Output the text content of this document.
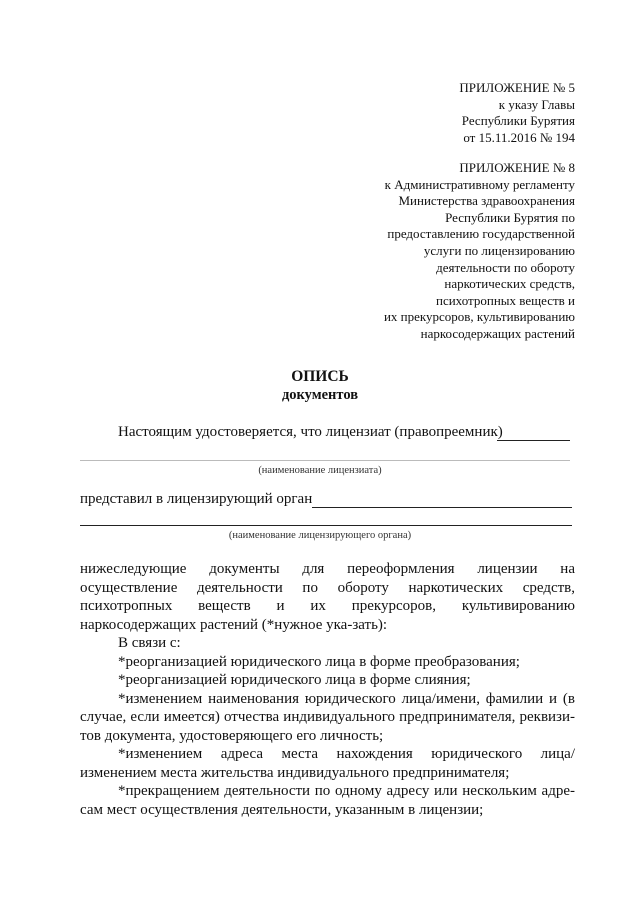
ПРИЛОЖЕНИЕ № 5
к указу Главы
Республики Бурятия
от 15.11.2016 № 194
ПРИЛОЖЕНИЕ № 8
к Административному регламенту
Министерства здравоохранения
Республики Бурятия по
предоставлению государственной
услуги по лицензированию
деятельности по обороту
наркотических средств,
психотропных веществ и
их прекурсоров, культивированию
наркосодержащих растений
ОПИСЬ
документов
Настоящим удостоверяется, что лицензиат (правопреемник)
(наименование лицензиата)
представил в лицензирующий орган
(наименование лицензирующего органа)

нижеследующие документы для переоформления лицензии на осуществление деятельности по обороту наркотических средств, психотропных веществ и их прекурсоров, культивированию наркосодержащих растений (*нужное ука-зать):

В связи с:

*реорганизацией юридического лица в форме преобразования;

*реорганизацией юридического лица в форме слияния;

*изменением наименования юридического лица/имени, фамилии и (в случае, если имеется) отчества индивидуального предпринимателя, реквизи-тов документа, удостоверяющего его личность;

*изменением адреса места нахождения юридического лица/изменением места жительства индивидуального предпринимателя;

*прекращением деятельности по одному адресу или нескольким адре-сам мест осуществления деятельности, указанным в лицензии;
